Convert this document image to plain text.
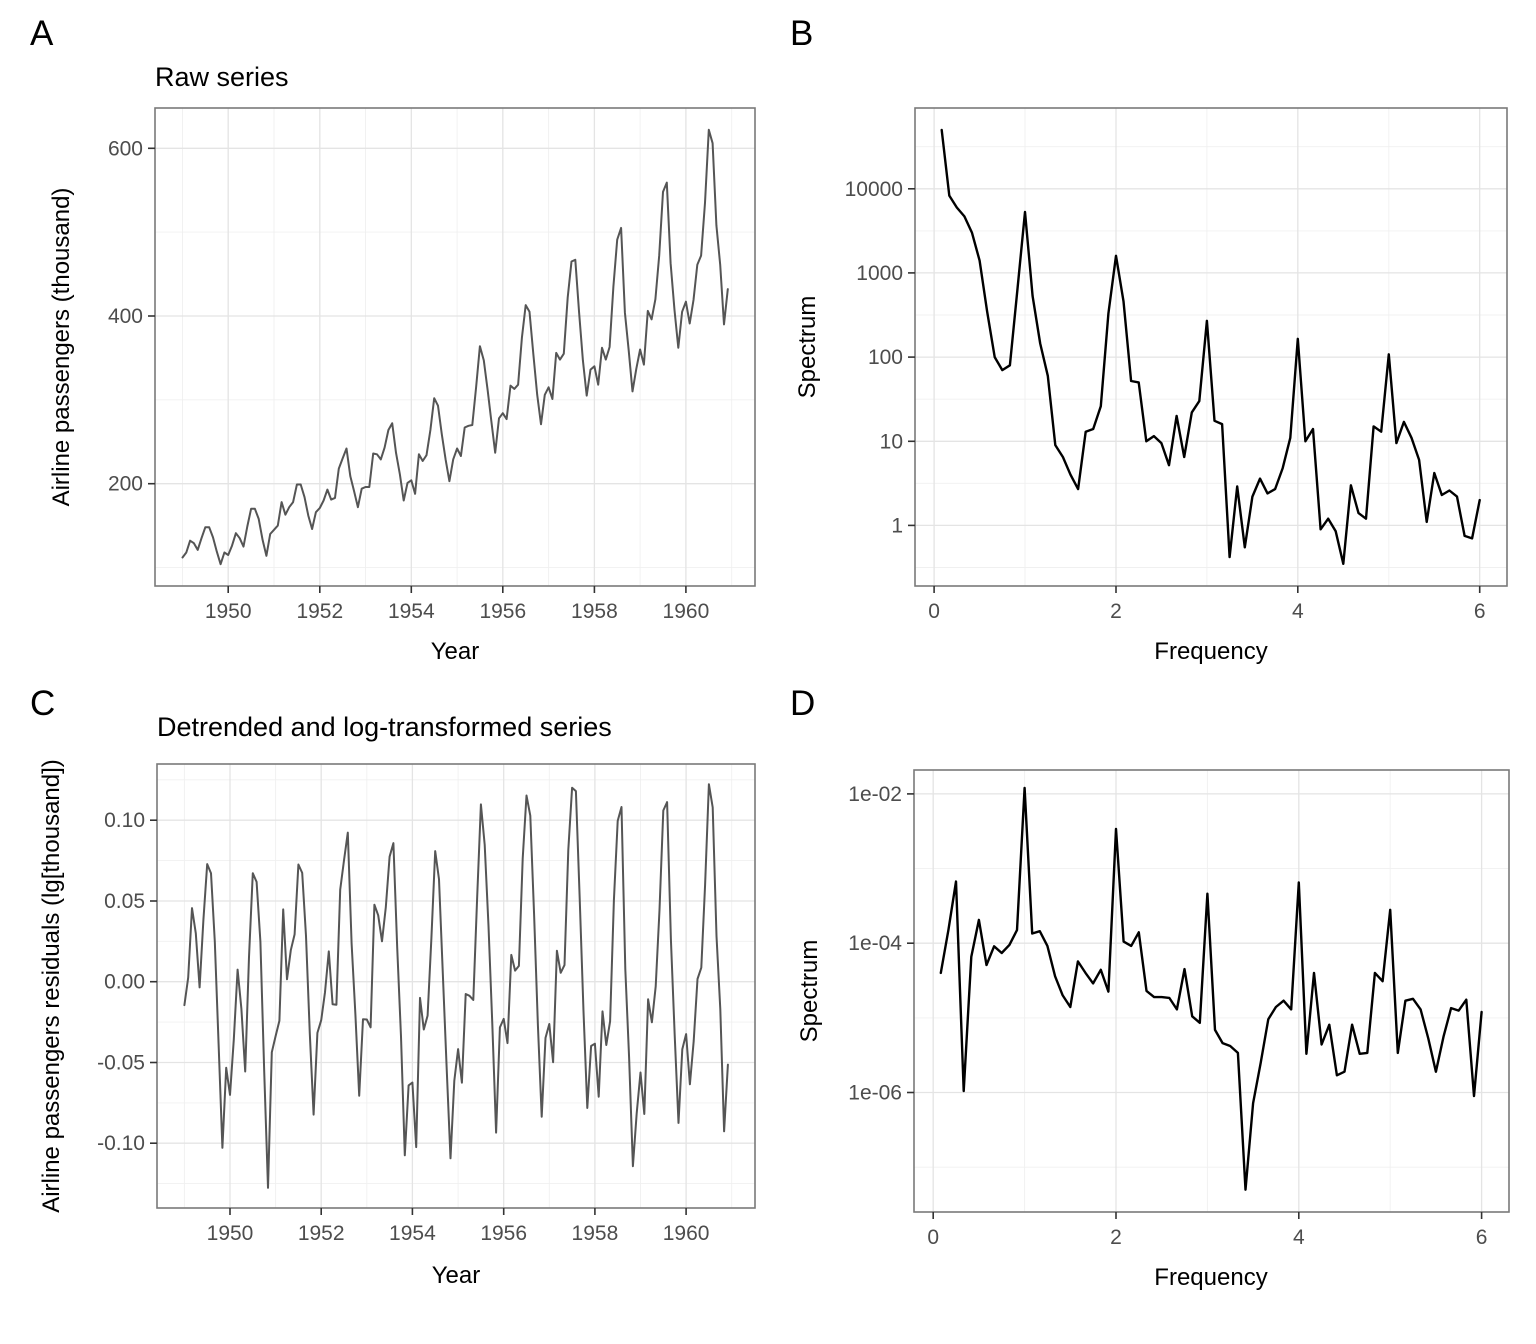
1950 1952 1954 1956 1958 1960
200
400
600
A
Raw series
Airline passengers (thousand)
Year
0	2	4	6
1
10
100
1000
10000
B
Spectrum
Frequency
1950 1952 1954 1956 1958 1960
-0.10
-0.05
0.00
0.05
0.10
C
Detrended and log-transformed series
Airline passengers residuals (lg[thousand])
Year
0	2	4	6
1e-06
1e-04
1e-02
D
Spectrum
Frequency
